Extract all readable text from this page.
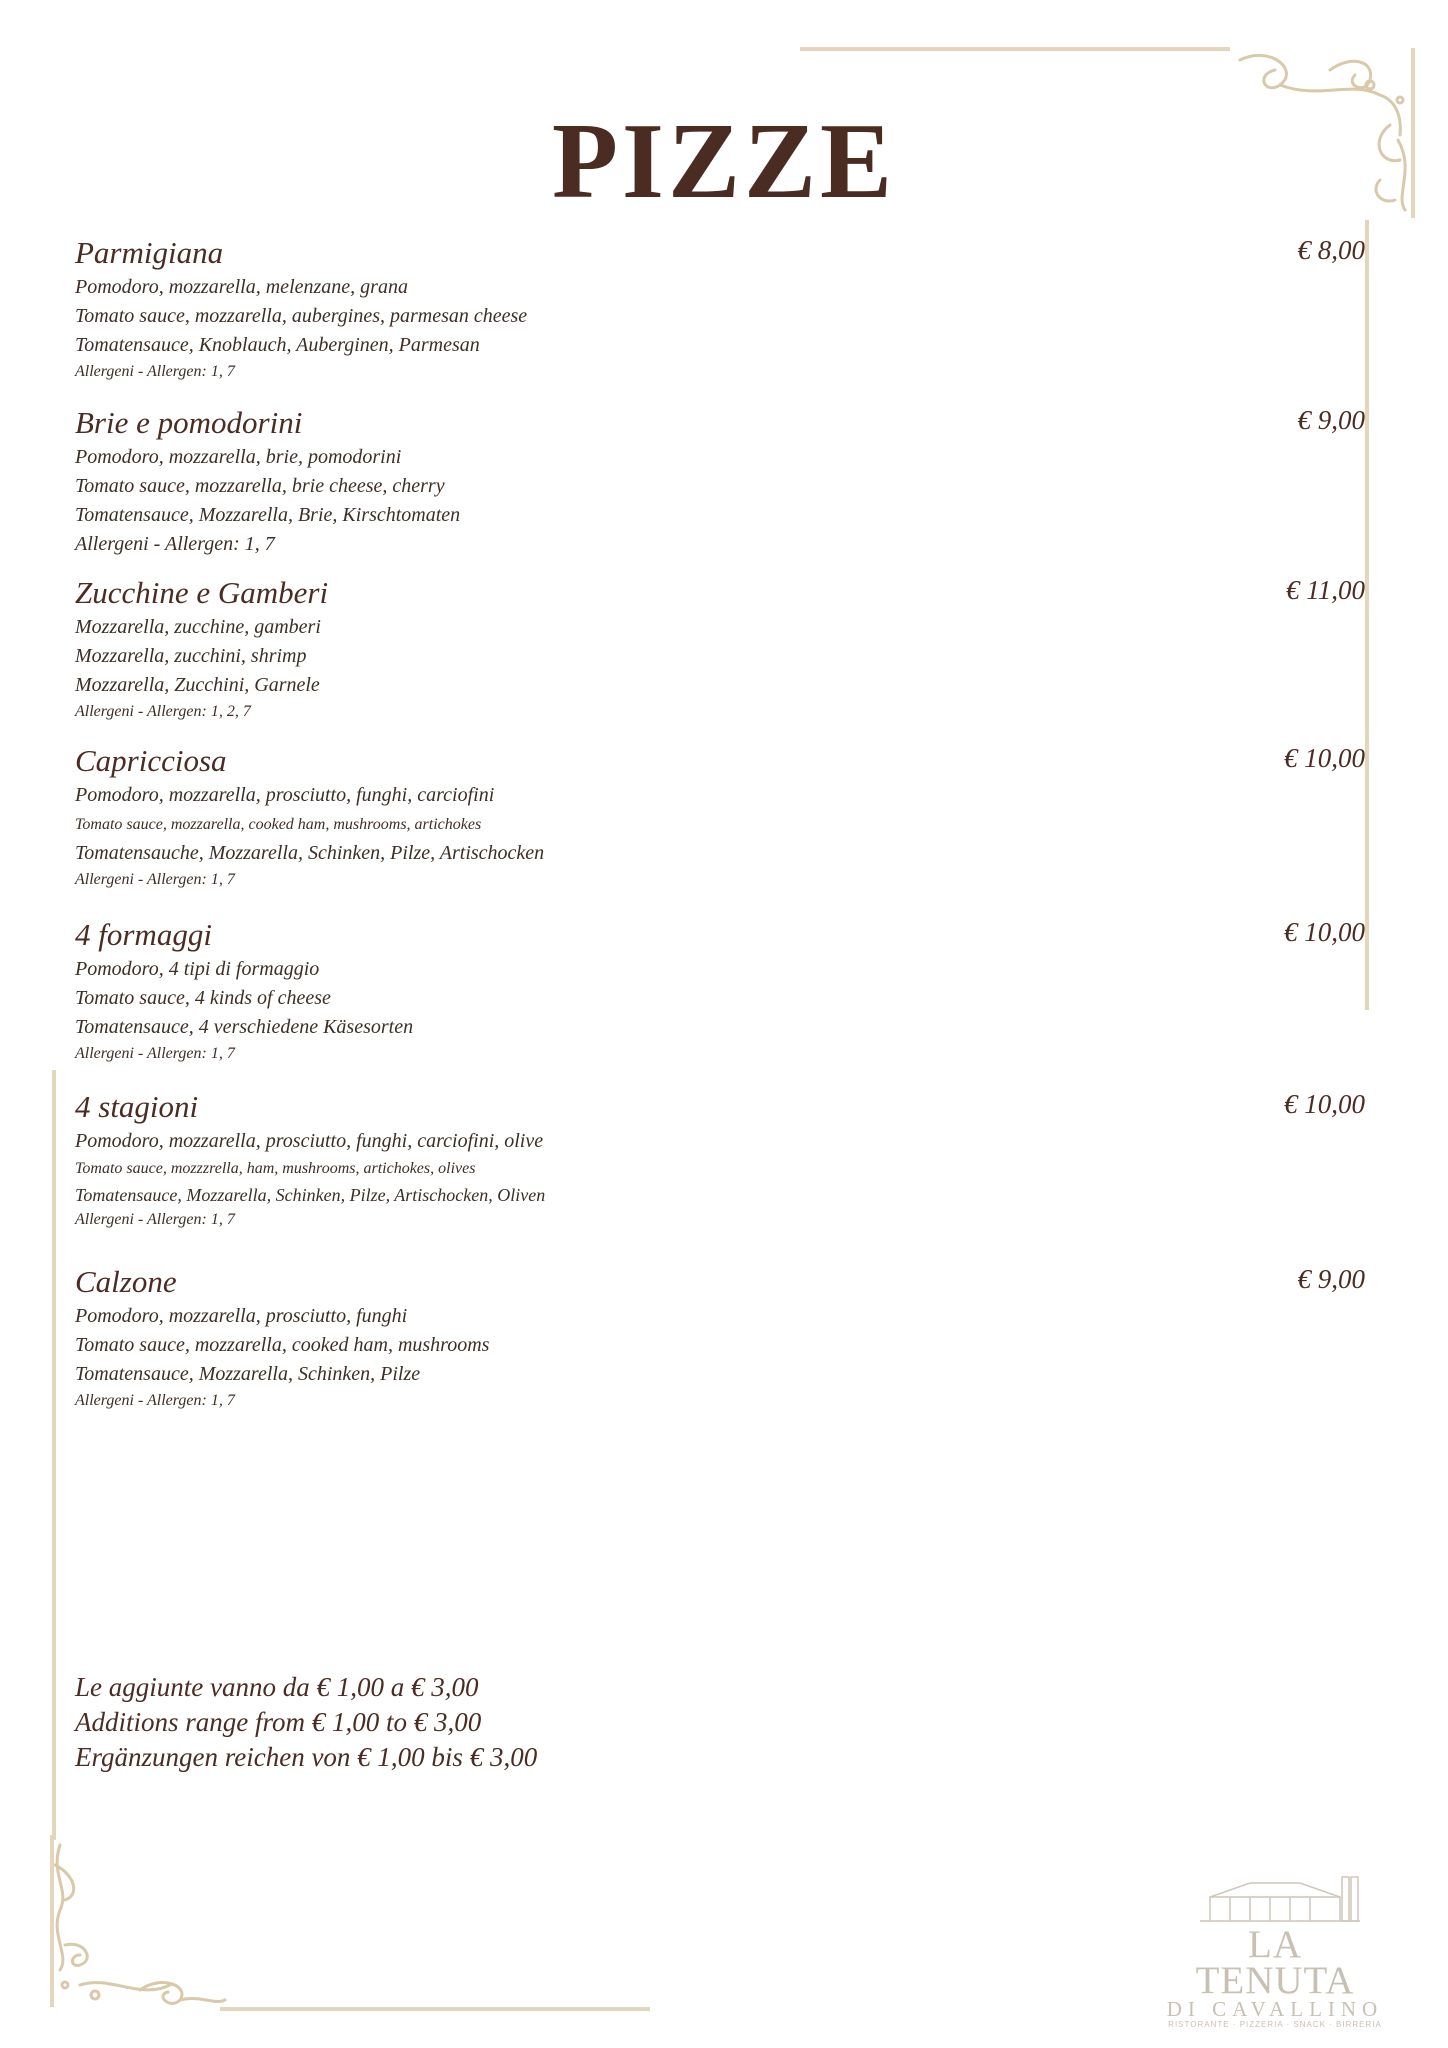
PIZZE
Parmigiana	€ 8,00
Pomodoro, mozzarella, melenzane, grana
Tomato sauce, mozzarella, aubergines, parmesan cheese
Tomatensauce, Knoblauch, Auberginen, Parmesan
Allergeni - Allergen: 1, 7
Brie e pomodorini	€ 9,00
Pomodoro, mozzarella, brie, pomodorini
Tomato sauce, mozzarella, brie cheese, cherry
Tomatensauce, Mozzarella, Brie, Kirschtomaten
Allergeni - Allergen: 1, 7
Zucchine e Gamberi	€ 11,00
Mozzarella, zucchine, gamberi
Mozzarella, zucchini, shrimp
Mozzarella, Zucchini, Garnele
Allergeni - Allergen: 1, 2, 7
Capricciosa	€ 10,00
Pomodoro, mozzarella, prosciutto, funghi, carciofini
Tomato sauce, mozzarella, cooked ham, mushrooms, artichokes
Tomatensauche, Mozzarella, Schinken, Pilze, Artischocken
Allergeni - Allergen: 1, 7
4 formaggi	€ 10,00
Pomodoro, 4 tipi di formaggio
Tomato sauce, 4 kinds of cheese
Tomatensauce, 4 verschiedene Käsesorten
Allergeni - Allergen: 1, 7
4 stagioni	€ 10,00
Pomodoro, mozzarella, prosciutto, funghi, carciofini, olive
Tomato sauce, mozzzrella, ham, mushrooms, artichokes, olives
Tomatensauce, Mozzarella, Schinken, Pilze, Artischocken, Oliven
Allergeni - Allergen: 1, 7
Calzone	€ 9,00
Pomodoro, mozzarella, prosciutto, funghi
Tomato sauce, mozzarella, cooked ham, mushrooms
Tomatensauce, Mozzarella, Schinken, Pilze
Allergeni - Allergen: 1, 7
Le aggiunte vanno da € 1,00 a € 3,00
Additions range from € 1,00 to € 3,00
Ergänzungen reichen von € 1,00 bis € 3,00
LA TENUTA
DI CAVALLINO
RISTORANTE · PIZZERIA · SNACK · BIRRERIA
